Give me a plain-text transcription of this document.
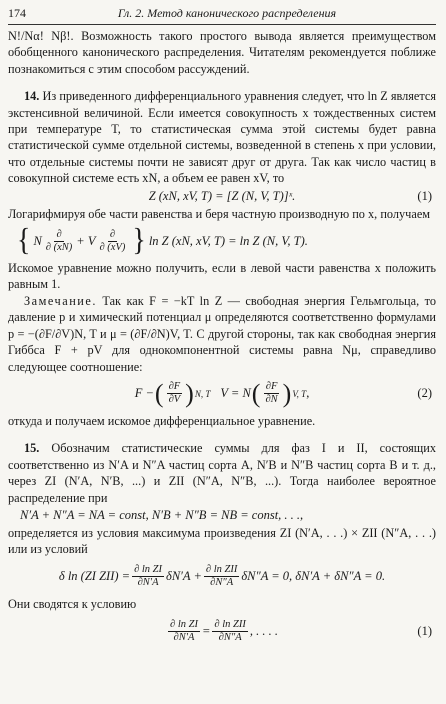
174	Гл. 2. Метод канонического распределения

N!/Nα! Nβ!. Возможность такого простого вывода является преимуществом обобщенного канонического распределения. Читателям рекомендуется поближе познакомиться с этим способом рассуждений.

14. Из приведенного дифференциального уравнения следует, что ln Z является экстенсивной величиной. Если имеется совокупность x тождественных систем при температуре T, то статистическая сумма этой системы будет равна статистической сумме отдельной системы, возведенной в степень x при условии, что отдельные системы почти не зависят друг от друга. Так как число частиц в совокупной системе есть xN, а объем ее равен xV, то

Z (xN, xV, T) = [Z (N, V, T)]ˣ.	(1)

Логарифмируя обе части равенства и беря частную производную по x, получаем

{ N $\frac{\partial}{\partial (xN)} + V \frac{\partial}{\partial (xV)}$ } ln Z (xN, xV, T) = ln Z (N, V, T).

Искомое уравнение можно получить, если в левой части равенства x положить равным 1.

Замечание. Так как F = −kT ln Z — свободная энергия Гельмгольца, то давление p и химический потенциал μ определяются соответственно формулами p = −(∂F/∂V)N, T и μ = (∂F/∂N)V, T. С другой стороны, так как свободная энергия Гиббса F + pV для однокомпонентной системы равна Nμ, справедливо следующее соотношение:

F − ( $\frac{\partial F}{\partial V}$ ) N, T V = N ( $\frac{\partial F}{\partial N}$ ) V, T ,	(2)

откуда и получаем искомое дифференциальное уравнение.

15. Обозначим статистические суммы для фаз I и II, состоящих соответственно из N′A и N″A частиц сорта A, N′B и N″B частиц сорта B и т. д., через ZI (N′A, N′B, ...) и ZII (N″A, N″B, ...). Тогда наиболее вероятное распределение при

N′A + N″A = NA = const, N′B + N″B = NB = const, . . .,

определяется из условия максимума произведения ZI (N′A, . . .) × ZII (N″A, . . .) или из условий

δ ln (ZI $ZII) = \frac{\text{∂ ln ZI}}{\partial N'A} \delta N'A + \frac{\text{∂ ln ZII}}{\partial N''A} \delta N''A = 0$, δN′A + δN″A = 0.

Они сводятся к условию

$\frac{\text{∂ ln ZI}}{\partial N'A} = \frac{\text{∂ ln ZII}}{\partial N''A}$ , . . . .	(1)
